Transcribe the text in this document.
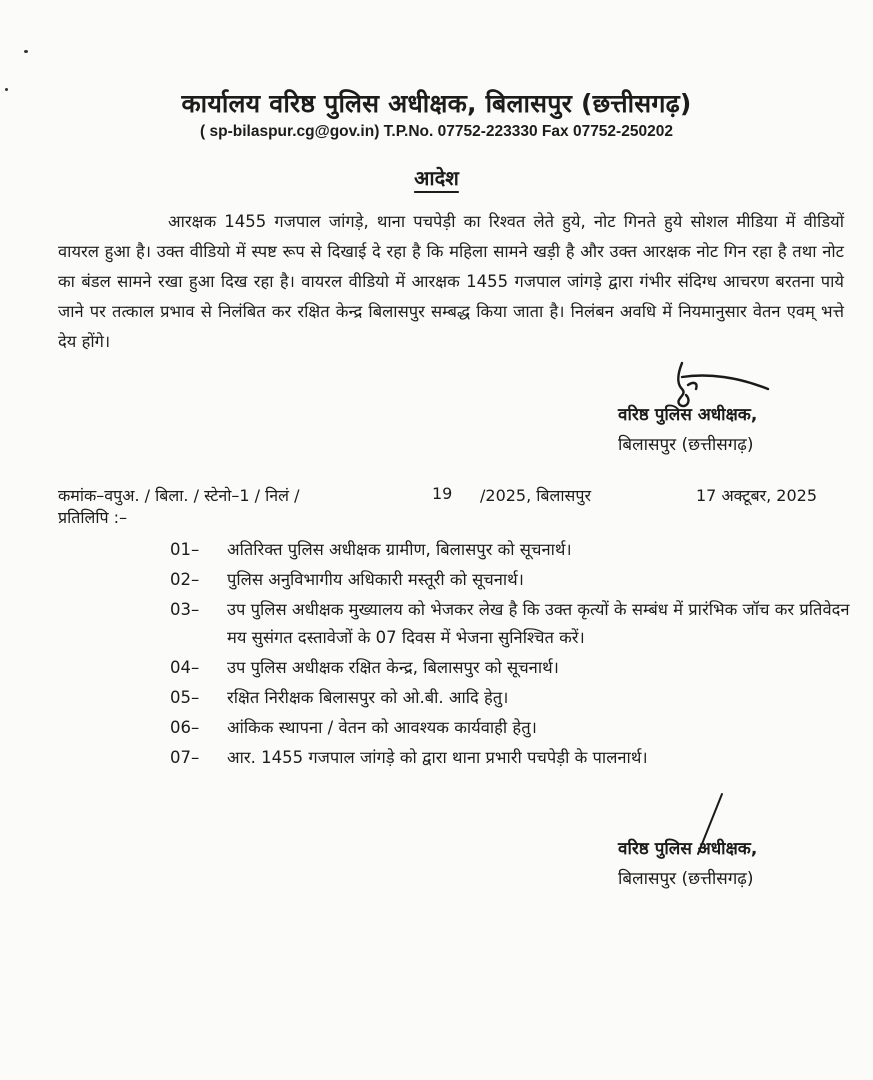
कार्यालय वरिष्ठ पुलिस अधीक्षक, बिलासपुर (छत्तीसगढ़)
( sp-bilaspur.cg@gov.in) T.P.No. 07752-223330 Fax 07752-250202
आदेश

आरक्षक 1455 गजपाल जांगड़े, थाना पचपेड़ी का रिश्वत लेते हुये, नोट गिनते हुये सोशल मीडिया में वीडियों वायरल हुआ है। उक्त वीडियो में स्पष्ट रूप से दिखाई दे रहा है कि महिला सामने खड़ी है और उक्त आरक्षक नोट गिन रहा है तथा नोट का बंडल सामने रखा हुआ दिख रहा है। वायरल वीडियो में आरक्षक 1455 गजपाल जांगड़े द्वारा गंभीर संदिग्ध आचरण बरतना पाये जाने पर तत्काल प्रभाव से निलंबित कर रक्षित केन्द्र बिलासपुर सम्बद्ध किया जाता है। निलंबन अवधि में नियमानुसार वेतन एवम् भत्ते देय होंगे।

वरिष्ठ पुलिस अधीक्षक,
बिलासपुर (छत्तीसगढ़)
कमांक–वपुअ. / बिला. / स्टेनो–1 / निलं /	19 /2025, बिलासपुर	17 अक्टूबर, 2025
प्रतिलिपि :–
01– अतिरिक्त पुलिस अधीक्षक ग्रामीण, बिलासपुर को सूचनार्थ।
02– पुलिस अनुविभागीय अधिकारी मस्तूरी को सूचनार्थ।
03– उप पुलिस अधीक्षक मुख्यालय को भेजकर लेख है कि उक्त कृत्यों के सम्बंध में प्रारंभिक जॉच कर प्रतिवेदन मय सुसंगत दस्तावेजों के 07 दिवस में भेजना सुनिश्चित करें।
04– उप पुलिस अधीक्षक रक्षित केन्द्र, बिलासपुर को सूचनार्थ।
05– रक्षित निरीक्षक बिलासपुर को ओ.बी. आदि हेतु।
06– आंकिक स्थापना / वेतन को आवश्यक कार्यवाही हेतु।
07– आर. 1455 गजपाल जांगड़े को द्वारा थाना प्रभारी पचपेड़ी के पालनार्थ।
वरिष्ठ पुलिस अधीक्षक,
बिलासपुर (छत्तीसगढ़)
